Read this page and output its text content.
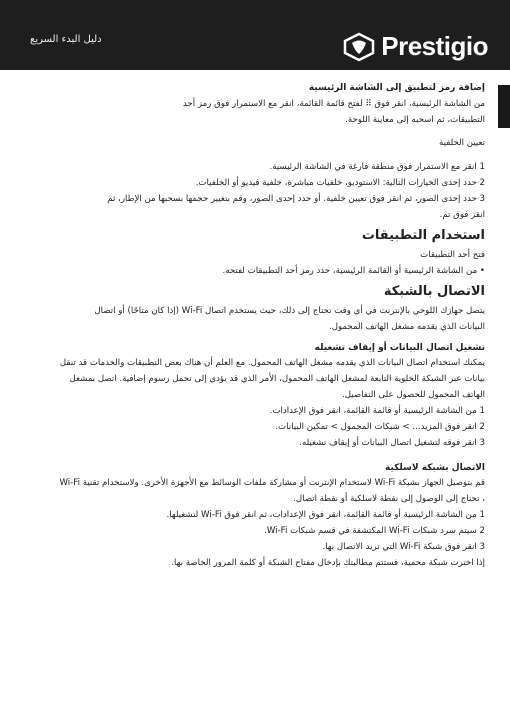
دليل البدء السريع	Prestigio

إضافة رمز لتطبيق إلى الشاشة الرئيسية

من الشاشة الرئيسية، انقر فوق ⠿ لفتح قائمة القائمة، انقر مع الاستمرار فوق رمز أحد

التطبيقات، ثم اسحبه إلى معاينة اللوحة.

تعيين الخلفية

1 انقر مع الاستمرار فوق منطقة فارغة في الشاشة الرئيسية.

2 حدد إحدى الخيارات التالية: الاستوديو، خلفيات مباشرة، خلفية فيديو أو الخلفيات.

3 حدد إحدى الصور، ثم انقر فوق تعيين خلفية. أو حدد إحدى الصور، وقم بتغيير حجمها بسحبها من الإطار، ثم

انقر فوق تم.

استخدام التطبيقات

فتح أحد التطبيقات

• من الشاشة الرئيسية أو القائمة الرئيسية، حدد رمز أحد التطبيقات لفتحه.

الاتصال بالشبكة

يتصل جهازك اللوحي بالإنترنت في أي وقت تحتاج إلى ذلك، حيث يستخدم اتصال Wi-Fi (إذا كان متاحًا) أو اتصال

البيانات الذي يقدمه مشغل الهاتف المحمول.

تشغيل اتصال البيانات أو إيقاف تشغيله

يمكنك استخدام اتصال البيانات الذي يقدمه مشغل الهاتف المحمول. مع العلم أن هناك بعض التطبيقات والخدمات قد تنقل

بيانات عبر الشبكة الخلوية التابعة لمشغل الهاتف المحمول، الأمر الذي قد يؤدي إلى تحمل رسوم إضافية. اتصل بمشغل

الهاتف المحمول للحصول على التفاصيل.

1 من الشاشة الرئيسية أو قائمة القائمة، انقر فوق الإعدادات.

2 انقر فوق المزيد... > شبكات المحمول > تمكين البيانات.

3 انقر فوقه لتشغيل اتصال البيانات أو إيقاف تشغيله.

الاتصال بشبكة لاسلكية

قم بتوصيل الجهاز بشبكة Wi-Fi لاستخدام الإنترنت أو مشاركة ملفات الوسائط مع الأجهزة الأخرى. ولاستخدام تقنية Wi-Fi

، تحتاج إلى الوصول إلى نقطة لاسلكية أو نقطة اتصال.

1 من الشاشة الرئيسية أو قائمة القائمة، انقر فوق الإعدادات، ثم انقر فوق Wi-Fi لتشغيلها.

2 سيتم سرد شبكات Wi-Fi المكتشفة في قسم شبكات Wi-Fi.

3 انقر فوق شبكة Wi-Fi التي تريد الاتصال بها.

إذا اخترت شبكة محمية، فستتم مطالبتك بإدخال مفتاح الشبكة أو كلمة المرور الخاصة بها.
